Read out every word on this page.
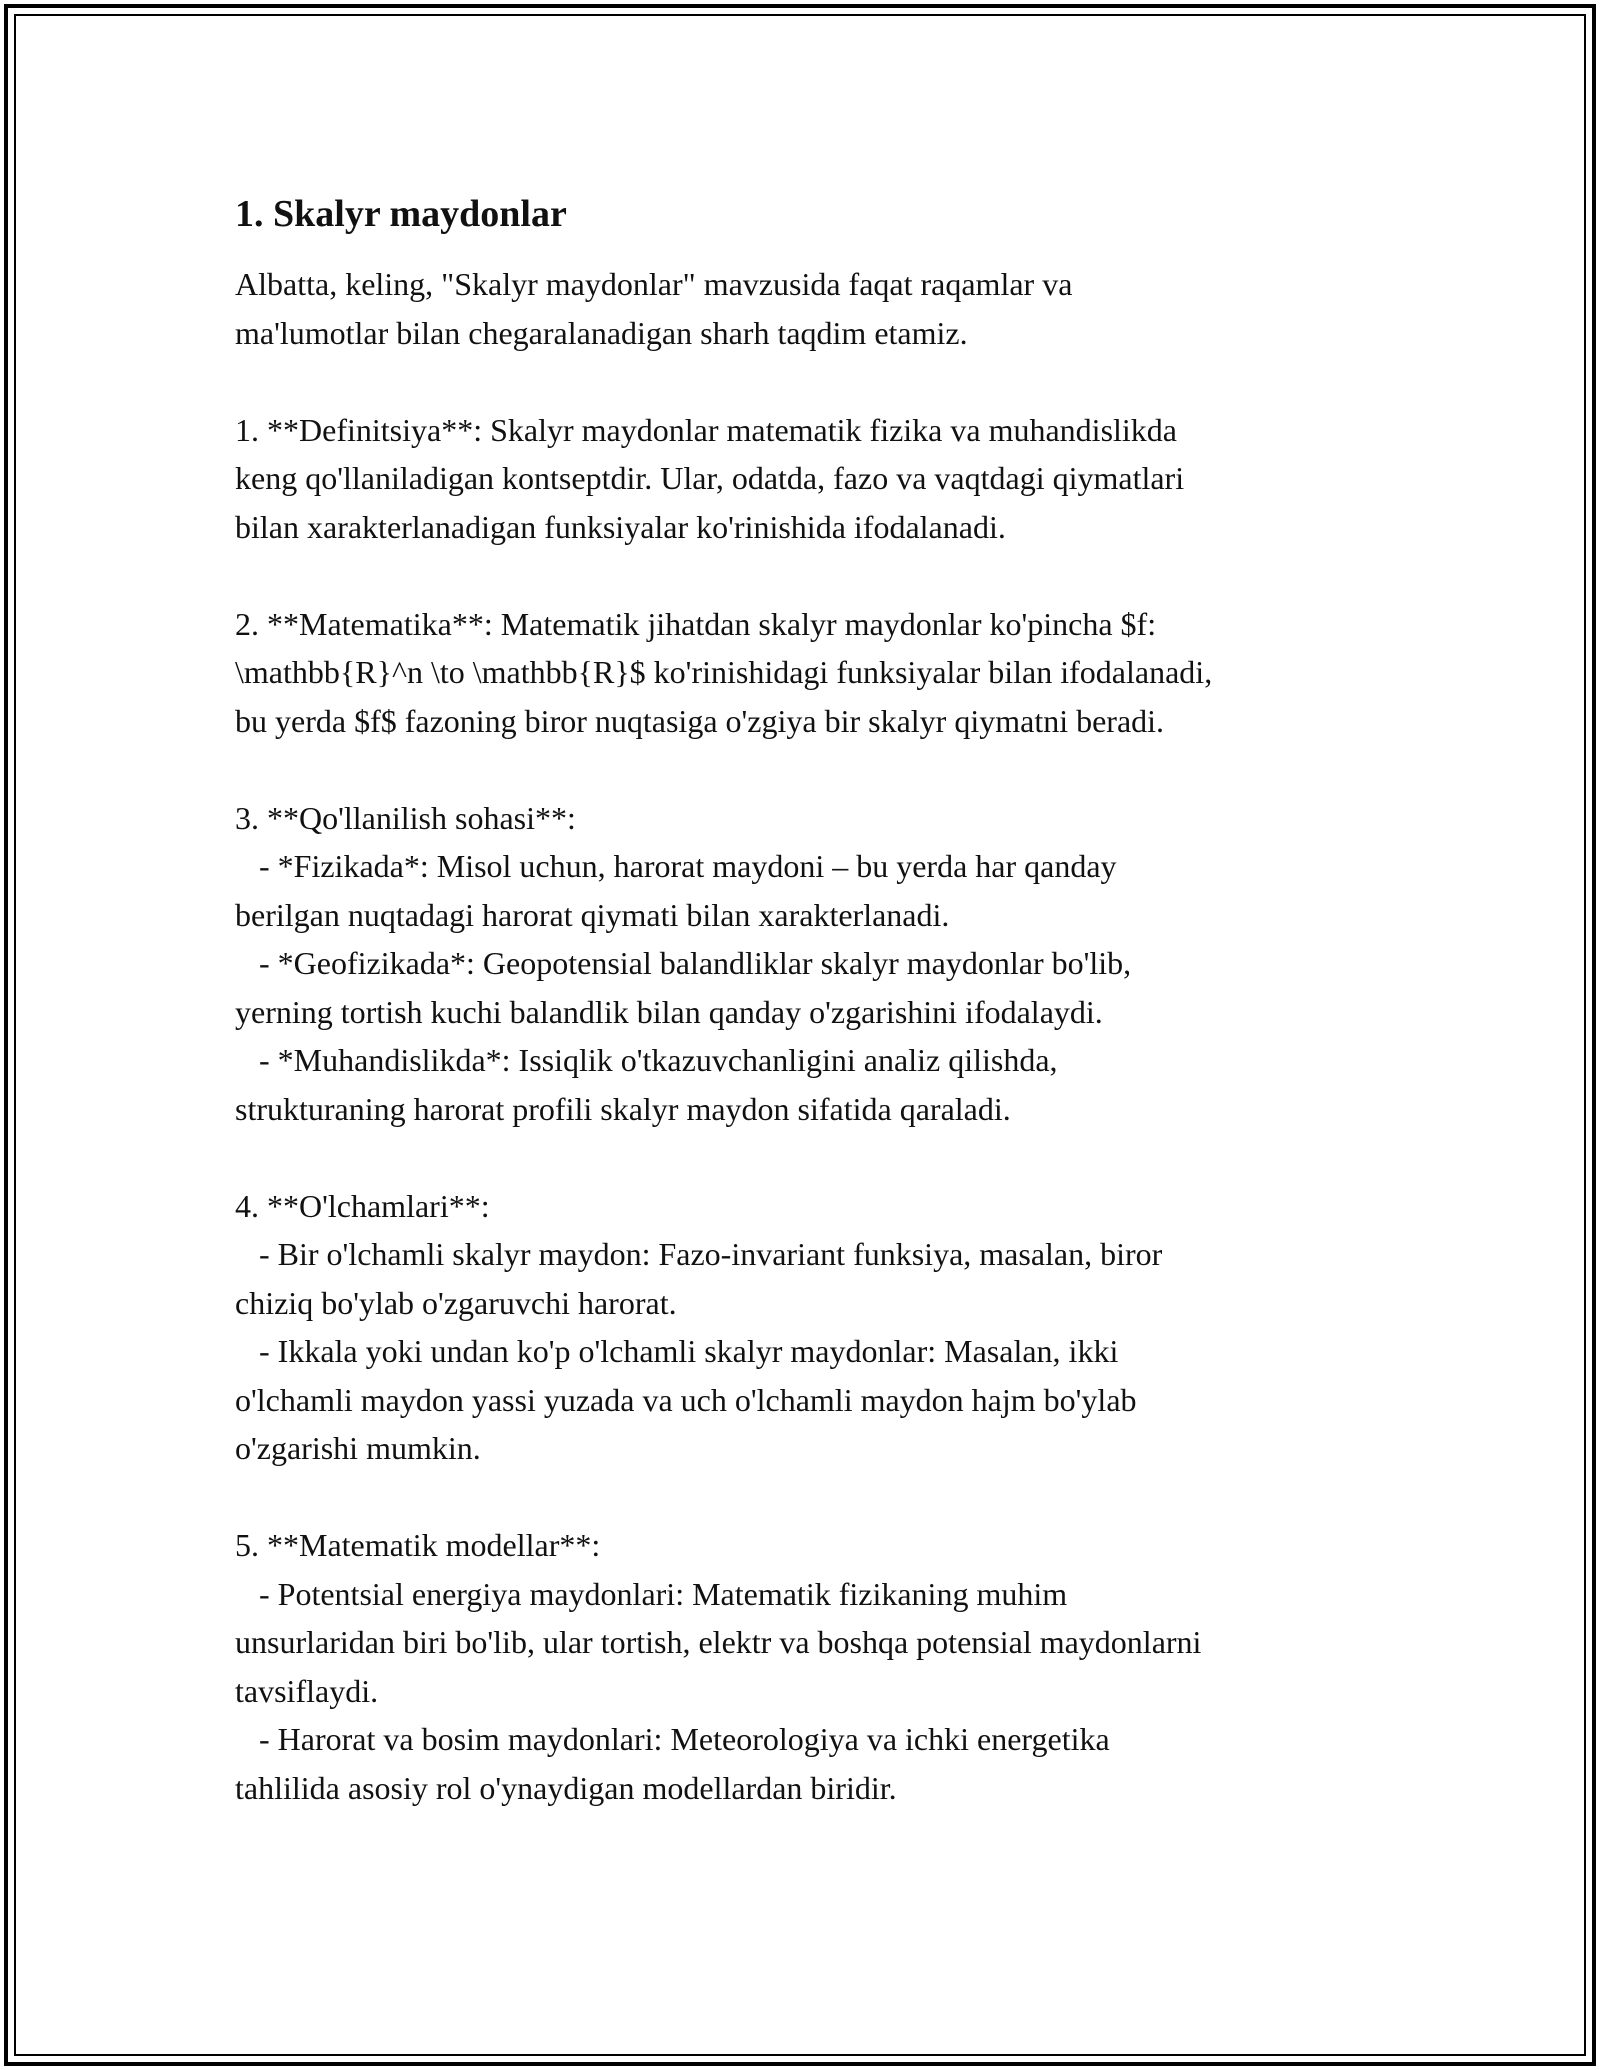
1. Skalyr maydonlar

Albatta, keling, "Skalyr maydonlar" mavzusida faqat raqamlar va
ma'lumotlar bilan chegaralanadigan sharh taqdim etamiz.

1. **Definitsiya**: Skalyr maydonlar matematik fizika va muhandislikda
keng qo'llaniladigan kontseptdir. Ular, odatda, fazo va vaqtdagi qiymatlari
bilan xarakterlanadigan funksiyalar ko'rinishida ifodalanadi.

2. **Matematika**: Matematik jihatdan skalyr maydonlar ko'pincha $f:
\mathbb{R}^n \to \mathbb{R}$ ko'rinishidagi funksiyalar bilan ifodalanadi,
bu yerda $f$ fazoning biror nuqtasiga o'zgiya bir skalyr qiymatni beradi.

3. **Qo'llanilish sohasi**:
- *Fizikada*: Misol uchun, harorat maydoni – bu yerda har qanday
berilgan nuqtadagi harorat qiymati bilan xarakterlanadi.
- *Geofizikada*: Geopotensial balandliklar skalyr maydonlar bo'lib,
yerning tortish kuchi balandlik bilan qanday o'zgarishini ifodalaydi.
- *Muhandislikda*: Issiqlik o'tkazuvchanligini analiz qilishda,
strukturaning harorat profili skalyr maydon sifatida qaraladi.

4. **O'lchamlari**:
- Bir o'lchamli skalyr maydon: Fazo-invariant funksiya, masalan, biror
chiziq bo'ylab o'zgaruvchi harorat.
- Ikkala yoki undan ko'p o'lchamli skalyr maydonlar: Masalan, ikki
o'lchamli maydon yassi yuzada va uch o'lchamli maydon hajm bo'ylab
o'zgarishi mumkin.

5. **Matematik modellar**:
- Potentsial energiya maydonlari: Matematik fizikaning muhim
unsurlaridan biri bo'lib, ular tortish, elektr va boshqa potensial maydonlarni
tavsiflaydi.
- Harorat va bosim maydonlari: Meteorologiya va ichki energetika
tahlilida asosiy rol o'ynaydigan modellardan biridir.
